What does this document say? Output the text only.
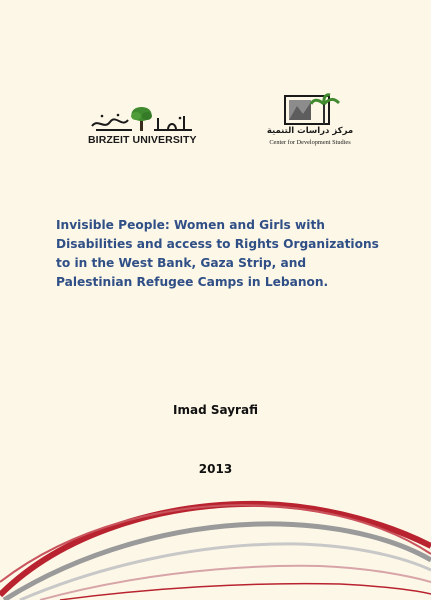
BIRZEIT UNIVERSITY
مركز دراسات التنمية
Center for Development Studies

Invisible People: Women and Girls with Disabilities and access to Rights Organizations to in the West Bank, Gaza Strip, and Palestinian Refugee Camps in Lebanon.

Imad Sayrafi
2013
